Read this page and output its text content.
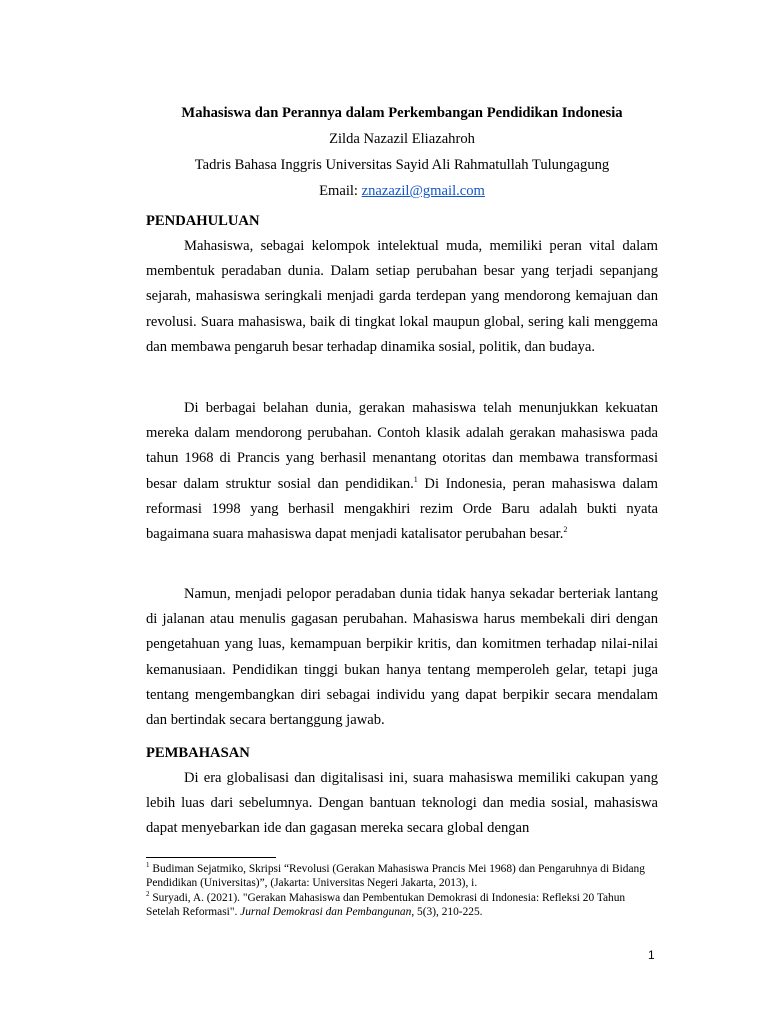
Mahasiswa dan Perannya dalam Perkembangan Pendidikan Indonesia
Zilda Nazazil Eliazahroh
Tadris Bahasa Inggris Universitas Sayid Ali Rahmatullah Tulungagung
Email: znazazil@gmail.com
PENDAHULUAN
Mahasiswa, sebagai kelompok intelektual muda, memiliki peran vital dalam membentuk peradaban dunia. Dalam setiap perubahan besar yang terjadi sepanjang sejarah, mahasiswa seringkali menjadi garda terdepan yang mendorong kemajuan dan revolusi. Suara mahasiswa, baik di tingkat lokal maupun global, sering kali menggema dan membawa pengaruh besar terhadap dinamika sosial, politik, dan budaya.
Di berbagai belahan dunia, gerakan mahasiswa telah menunjukkan kekuatan mereka dalam mendorong perubahan. Contoh klasik adalah gerakan mahasiswa pada tahun 1968 di Prancis yang berhasil menantang otoritas dan membawa transformasi besar dalam struktur sosial dan pendidikan.$^1$ Di Indonesia, peran mahasiswa dalam reformasi 1998 yang berhasil mengakhiri rezim Orde Baru adalah bukti nyata bagaimana suara mahasiswa dapat menjadi katalisator perubahan besar.$^2$
Namun, menjadi pelopor peradaban dunia tidak hanya sekadar berteriak lantang di jalanan atau menulis gagasan perubahan. Mahasiswa harus membekali diri dengan pengetahuan yang luas, kemampuan berpikir kritis, dan komitmen terhadap nilai-nilai kemanusiaan. Pendidikan tinggi bukan hanya tentang memperoleh gelar, tetapi juga tentang mengembangkan diri sebagai individu yang dapat berpikir secara mendalam dan bertindak secara bertanggung jawab.
PEMBAHASAN
Di era globalisasi dan digitalisasi ini, suara mahasiswa memiliki cakupan yang lebih luas dari sebelumnya. Dengan bantuan teknologi dan media sosial, mahasiswa dapat menyebarkan ide dan gagasan mereka secara global dengan
$^1$ Budiman Sejatmiko, Skripsi “Revolusi (Gerakan Mahasiswa Prancis Mei 1968) dan Pengaruhnya di Bidang Pendidikan (Universitas)”, (Jakarta: Universitas Negeri Jakarta, 2013), i.
$^2$ Suryadi, A. (2021). "Gerakan Mahasiswa dan Pembentukan Demokrasi di Indonesia: Refleksi 20 Tahun Setelah Reformasi". Jurnal Demokrasi dan Pembangunan, 5(3), 210-225.
1
